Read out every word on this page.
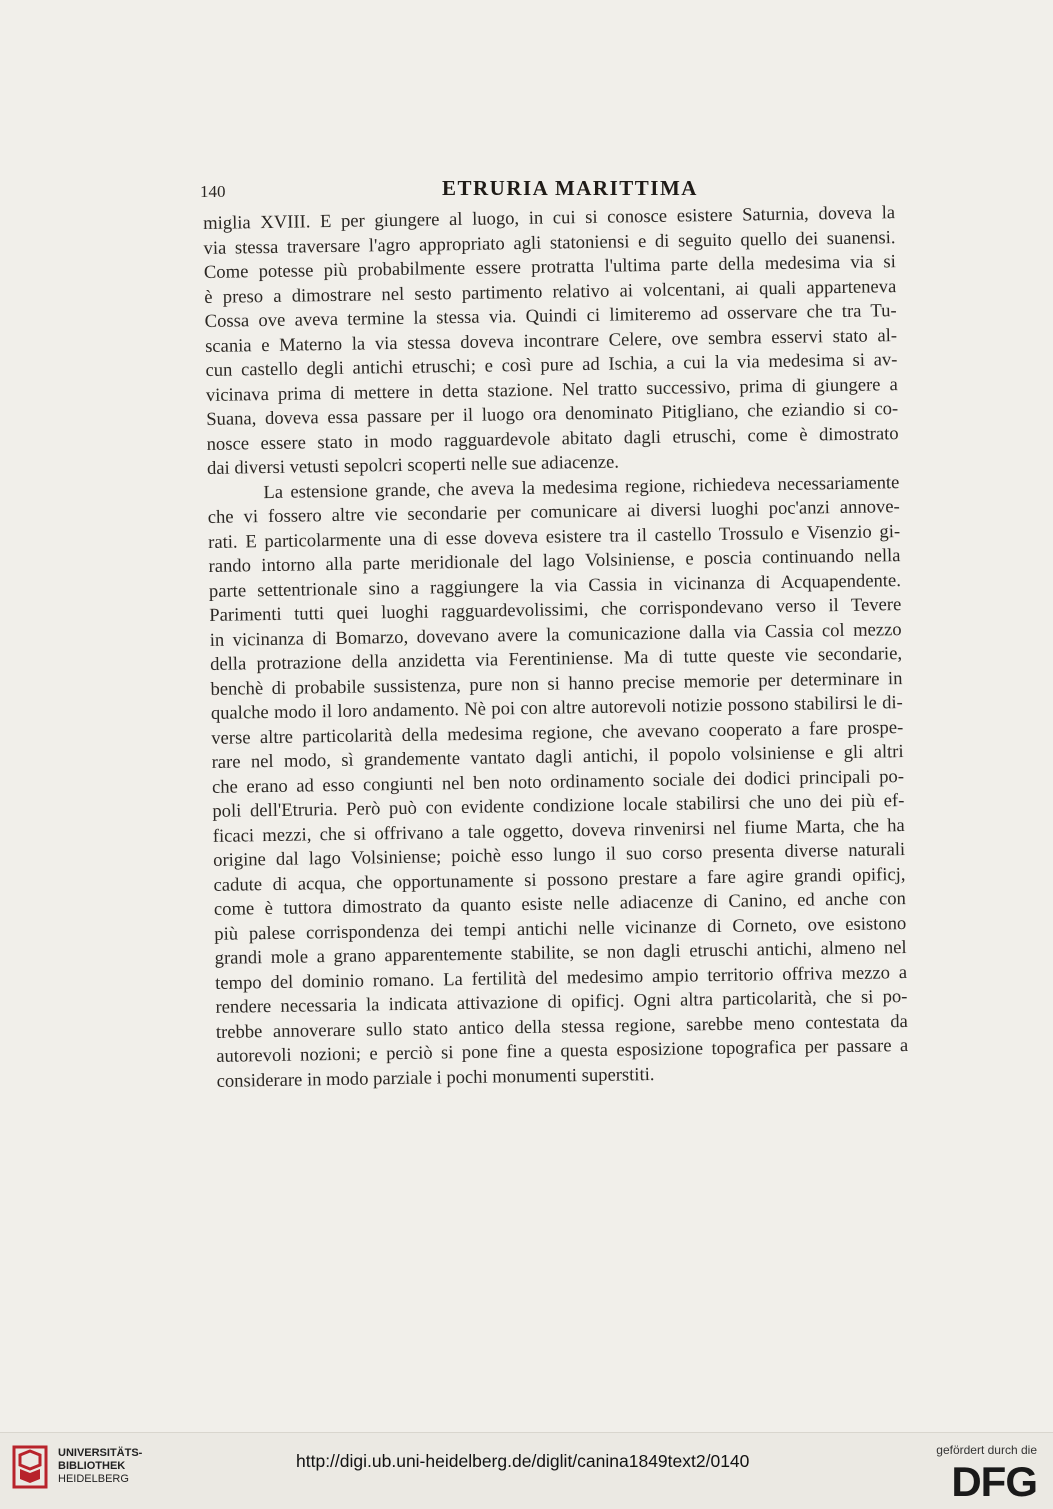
140	ETRURIA MARITTIMA
miglia XVIII. E per giungere al luogo, in cui si conosce esistere Saturnia, doveva la
via stessa traversare l'agro appropriato agli statoniensi e di seguito quello dei suanensi.
Come potesse più probabilmente essere protratta l'ultima parte della medesima via si
è preso a dimostrare nel sesto partimento relativo ai volcentani, ai quali apparteneva
Cossa ove aveva termine la stessa via. Quindi ci limiteremo ad osservare che tra Tu-
scania e Materno la via stessa doveva incontrare Celere, ove sembra esservi stato al-
cun castello degli antichi etruschi; e così pure ad Ischia, a cui la via medesima si av-
vicinava prima di mettere in detta stazione. Nel tratto successivo, prima di giungere a
Suana, doveva essa passare per il luogo ora denominato Pitigliano, che eziandio si co-
nosce essere stato in modo ragguardevole abitato dagli etruschi, come è dimostrato
dai diversi vetusti sepolcri scoperti nelle sue adiacenze.
La estensione grande, che aveva la medesima regione, richiedeva necessariamente
che vi fossero altre vie secondarie per comunicare ai diversi luoghi poc'anzi annove-
rati. E particolarmente una di esse doveva esistere tra il castello Trossulo e Visenzio gi-
rando intorno alla parte meridionale del lago Volsiniense, e poscia continuando nella
parte settentrionale sino a raggiungere la via Cassia in vicinanza di Acquapendente.
Parimenti tutti quei luoghi ragguardevolissimi, che corrispondevano verso il Tevere
in vicinanza di Bomarzo, dovevano avere la comunicazione dalla via Cassia col mezzo
della protrazione della anzidetta via Ferentiniense. Ma di tutte queste vie secondarie,
benchè di probabile sussistenza, pure non si hanno precise memorie per determinare in
qualche modo il loro andamento. Nè poi con altre autorevoli notizie possono stabilirsi le di-
verse altre particolarità della medesima regione, che avevano cooperato a fare prospe-
rare nel modo, sì grandemente vantato dagli antichi, il popolo volsiniense e gli altri
che erano ad esso congiunti nel ben noto ordinamento sociale dei dodici principali po-
poli dell'Etruria. Però può con evidente condizione locale stabilirsi che uno dei più ef-
ficaci mezzi, che si offrivano a tale oggetto, doveva rinvenirsi nel fiume Marta, che ha
origine dal lago Volsiniense; poichè esso lungo il suo corso presenta diverse naturali
cadute di acqua, che opportunamente si possono prestare a fare agire grandi opificj,
come è tuttora dimostrato da quanto esiste nelle adiacenze di Canino, ed anche con
più palese corrispondenza dei tempi antichi nelle vicinanze di Corneto, ove esistono
grandi mole a grano apparentemente stabilite, se non dagli etruschi antichi, almeno nel
tempo del dominio romano. La fertilità del medesimo ampio territorio offriva mezzo a
rendere necessaria la indicata attivazione di opificj. Ogni altra particolarità, che si po-
trebbe annoverare sullo stato antico della stessa regione, sarebbe meno contestata da
autorevoli nozioni; e perciò si pone fine a questa esposizione topografica per passare a
considerare in modo parziale i pochi monumenti superstiti.
UNIVERSITÄTS-
BIBLIOTHEK
HEIDELBERG
http://digi.ub.uni-heidelberg.de/diglit/canina1849text2/0140
gefördert durch die
DFG
